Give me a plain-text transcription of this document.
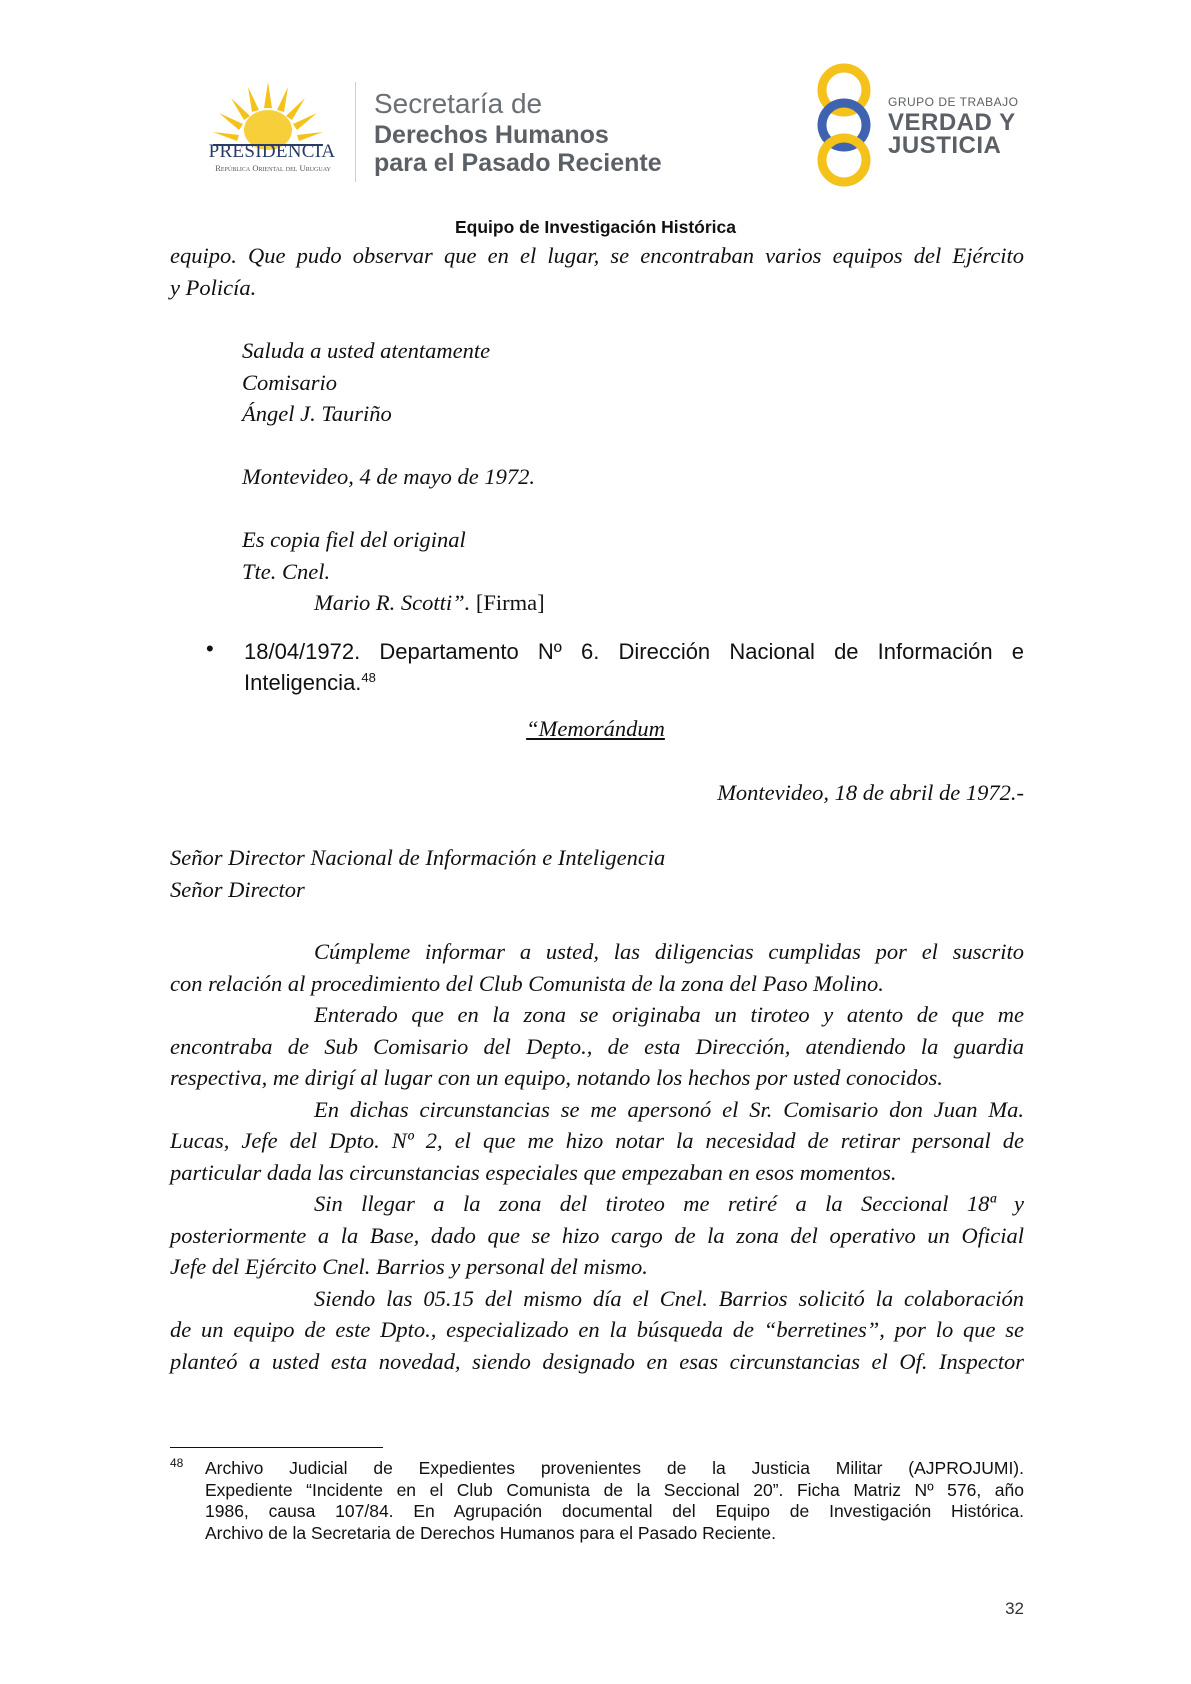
PRESIDENCIA
República Oriental del Uruguay
Secretaría de
Derechos Humanos
para el Pasado Reciente
GRUPO DE TRABAJO
VERDAD Y
JUSTICIA
Equipo de Investigación Histórica
equipo. Que pudo observar que en el lugar, se encontraban varios equipos del Ejército
y Policía.
Saluda a usted atentamente
Comisario
Ángel J. Tauriño
Montevideo, 4 de mayo de 1972.
Es copia fiel del original
Tte. Cnel.
Mario R. Scotti”. [Firma]
• 18/04/1972. Departamento Nº 6. Dirección Nacional de Información e
Inteligencia.$^{48}$
“Memorándum
Montevideo, 18 de abril de 1972.-
Señor Director Nacional de Información e Inteligencia
Señor Director
Cúmpleme informar a usted, las diligencias cumplidas por el suscrito
con relación al procedimiento del Club Comunista de la zona del Paso Molino.
Enterado que en la zona se originaba un tiroteo y atento de que me
encontraba de Sub Comisario del Depto., de esta Dirección, atendiendo la guardia
respectiva, me dirigí al lugar con un equipo, notando los hechos por usted conocidos.
En dichas circunstancias se me apersonó el Sr. Comisario don Juan Ma.
Lucas, Jefe del Dpto. Nº 2, el que me hizo notar la necesidad de retirar personal de
particular dada las circunstancias especiales que empezaban en esos momentos.
Sin llegar a la zona del tiroteo me retiré a la Seccional 18ª y
posteriormente a la Base, dado que se hizo cargo de la zona del operativo un Oficial
Jefe del Ejército Cnel. Barrios y personal del mismo.
Siendo las 05.15 del mismo día el Cnel. Barrios solicitó la colaboración
de un equipo de este Dpto., especializado en la búsqueda de “berretines”, por lo que se
planteó a usted esta novedad, siendo designado en esas circunstancias el Of. Inspector
48 Archivo Judicial de Expedientes provenientes de la Justicia Militar (AJPROJUMI).
Expediente “Incidente en el Club Comunista de la Seccional 20”. Ficha Matriz Nº 576, año
1986, causa 107/84. En Agrupación documental del Equipo de Investigación Histórica.
Archivo de la Secretaria de Derechos Humanos para el Pasado Reciente.
32
